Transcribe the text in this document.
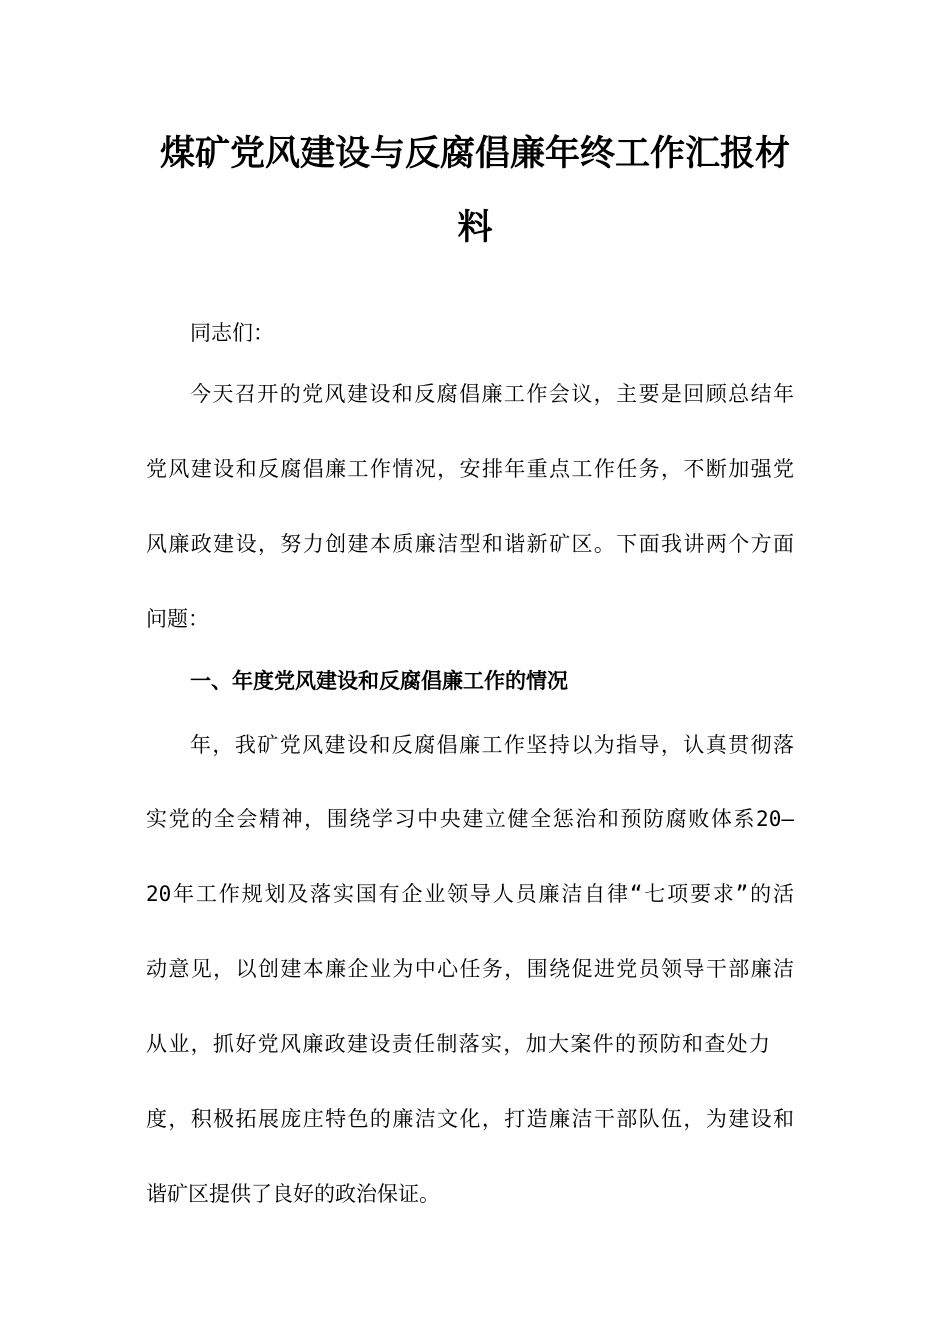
煤矿党风建设与反腐倡廉年终工作汇报材
料
同志们：
今天召开的党风建设和反腐倡廉工作会议，主要是回顾总结年
党风建设和反腐倡廉工作情况，安排年重点工作任务，不断加强党
风廉政建设，努力创建本质廉洁型和谐新矿区。下面我讲两个方面
问题：
一、年度党风建设和反腐倡廉工作的情况
年，我矿党风建设和反腐倡廉工作坚持以为指导，认真贯彻落
实党的全会精神，围绕学习中央建立健全惩治和预防腐败体系20—
20年工作规划及落实国有企业领导人员廉洁自律“七项要求”的活
动意见，以创建本廉企业为中心任务，围绕促进党员领导干部廉洁
从业，抓好党风廉政建设责任制落实，加大案件的预防和查处力
度，积极拓展庞庄特色的廉洁文化，打造廉洁干部队伍，为建设和
谐矿区提供了良好的政治保证。
